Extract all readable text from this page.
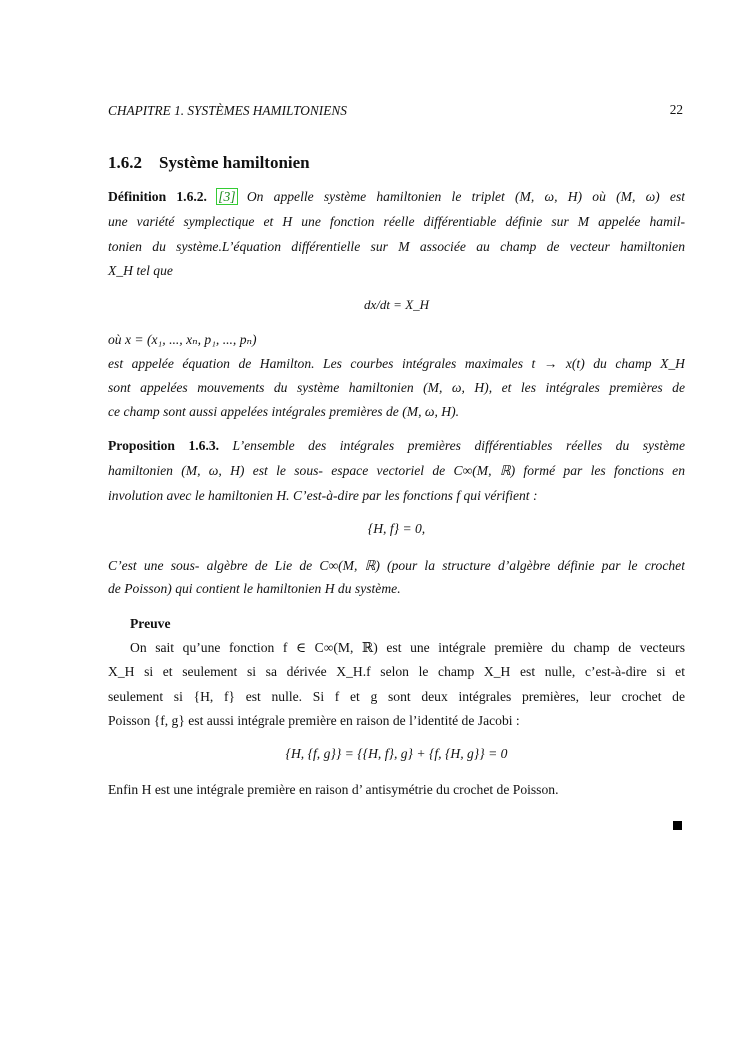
CHAPITRE 1. SYSTÈMES HAMILTONIENS	22
1.6.2 Système hamiltonien
Définition 1.6.2. [3] On appelle système hamiltonien le triplet (M, ω, H) où (M, ω) est
une variété symplectique et H une fonction réelle différentiable définie sur M appelée hamil-
tonien du système.L’équation différentielle sur M associée au champ de vecteur hamiltonien
X_H tel que
dx/dt = X_H
où x = (x₁, ..., xₙ, p₁, ..., pₙ)
est appelée équation de Hamilton. Les courbes intégrales maximales t → x(t) du champ X_H
sont appelées mouvements du système hamiltonien (M, ω, H), et les intégrales premières de
ce champ sont aussi appelées intégrales premières de (M, ω, H).
Proposition 1.6.3. L’ensemble des intégrales premières différentiables réelles du système
hamiltonien (M, ω, H) est le sous- espace vectoriel de C∞(M, ℝ) formé par les fonctions en
involution avec le hamiltonien H. C’est-à-dire par les fonctions f qui vérifient :
{H, f} = 0,
C’est une sous- algèbre de Lie de C∞(M, ℝ) (pour la structure d’algèbre définie par le crochet
de Poisson) qui contient le hamiltonien H du système.
Preuve
On sait qu’une fonction f ∈ C∞(M, ℝ) est une intégrale première du champ de vecteurs
X_H si et seulement si sa dérivée X_H.f selon le champ X_H est nulle, c’est-à-dire si et
seulement si {H, f} est nulle. Si f et g sont deux intégrales premières, leur crochet de
Poisson {f, g} est aussi intégrale première en raison de l’identité de Jacobi :
{H, {f, g}} = {{H, f}, g} + {f, {H, g}} = 0
Enfin H est une intégrale première en raison d’ antisymétrie du crochet de Poisson.
